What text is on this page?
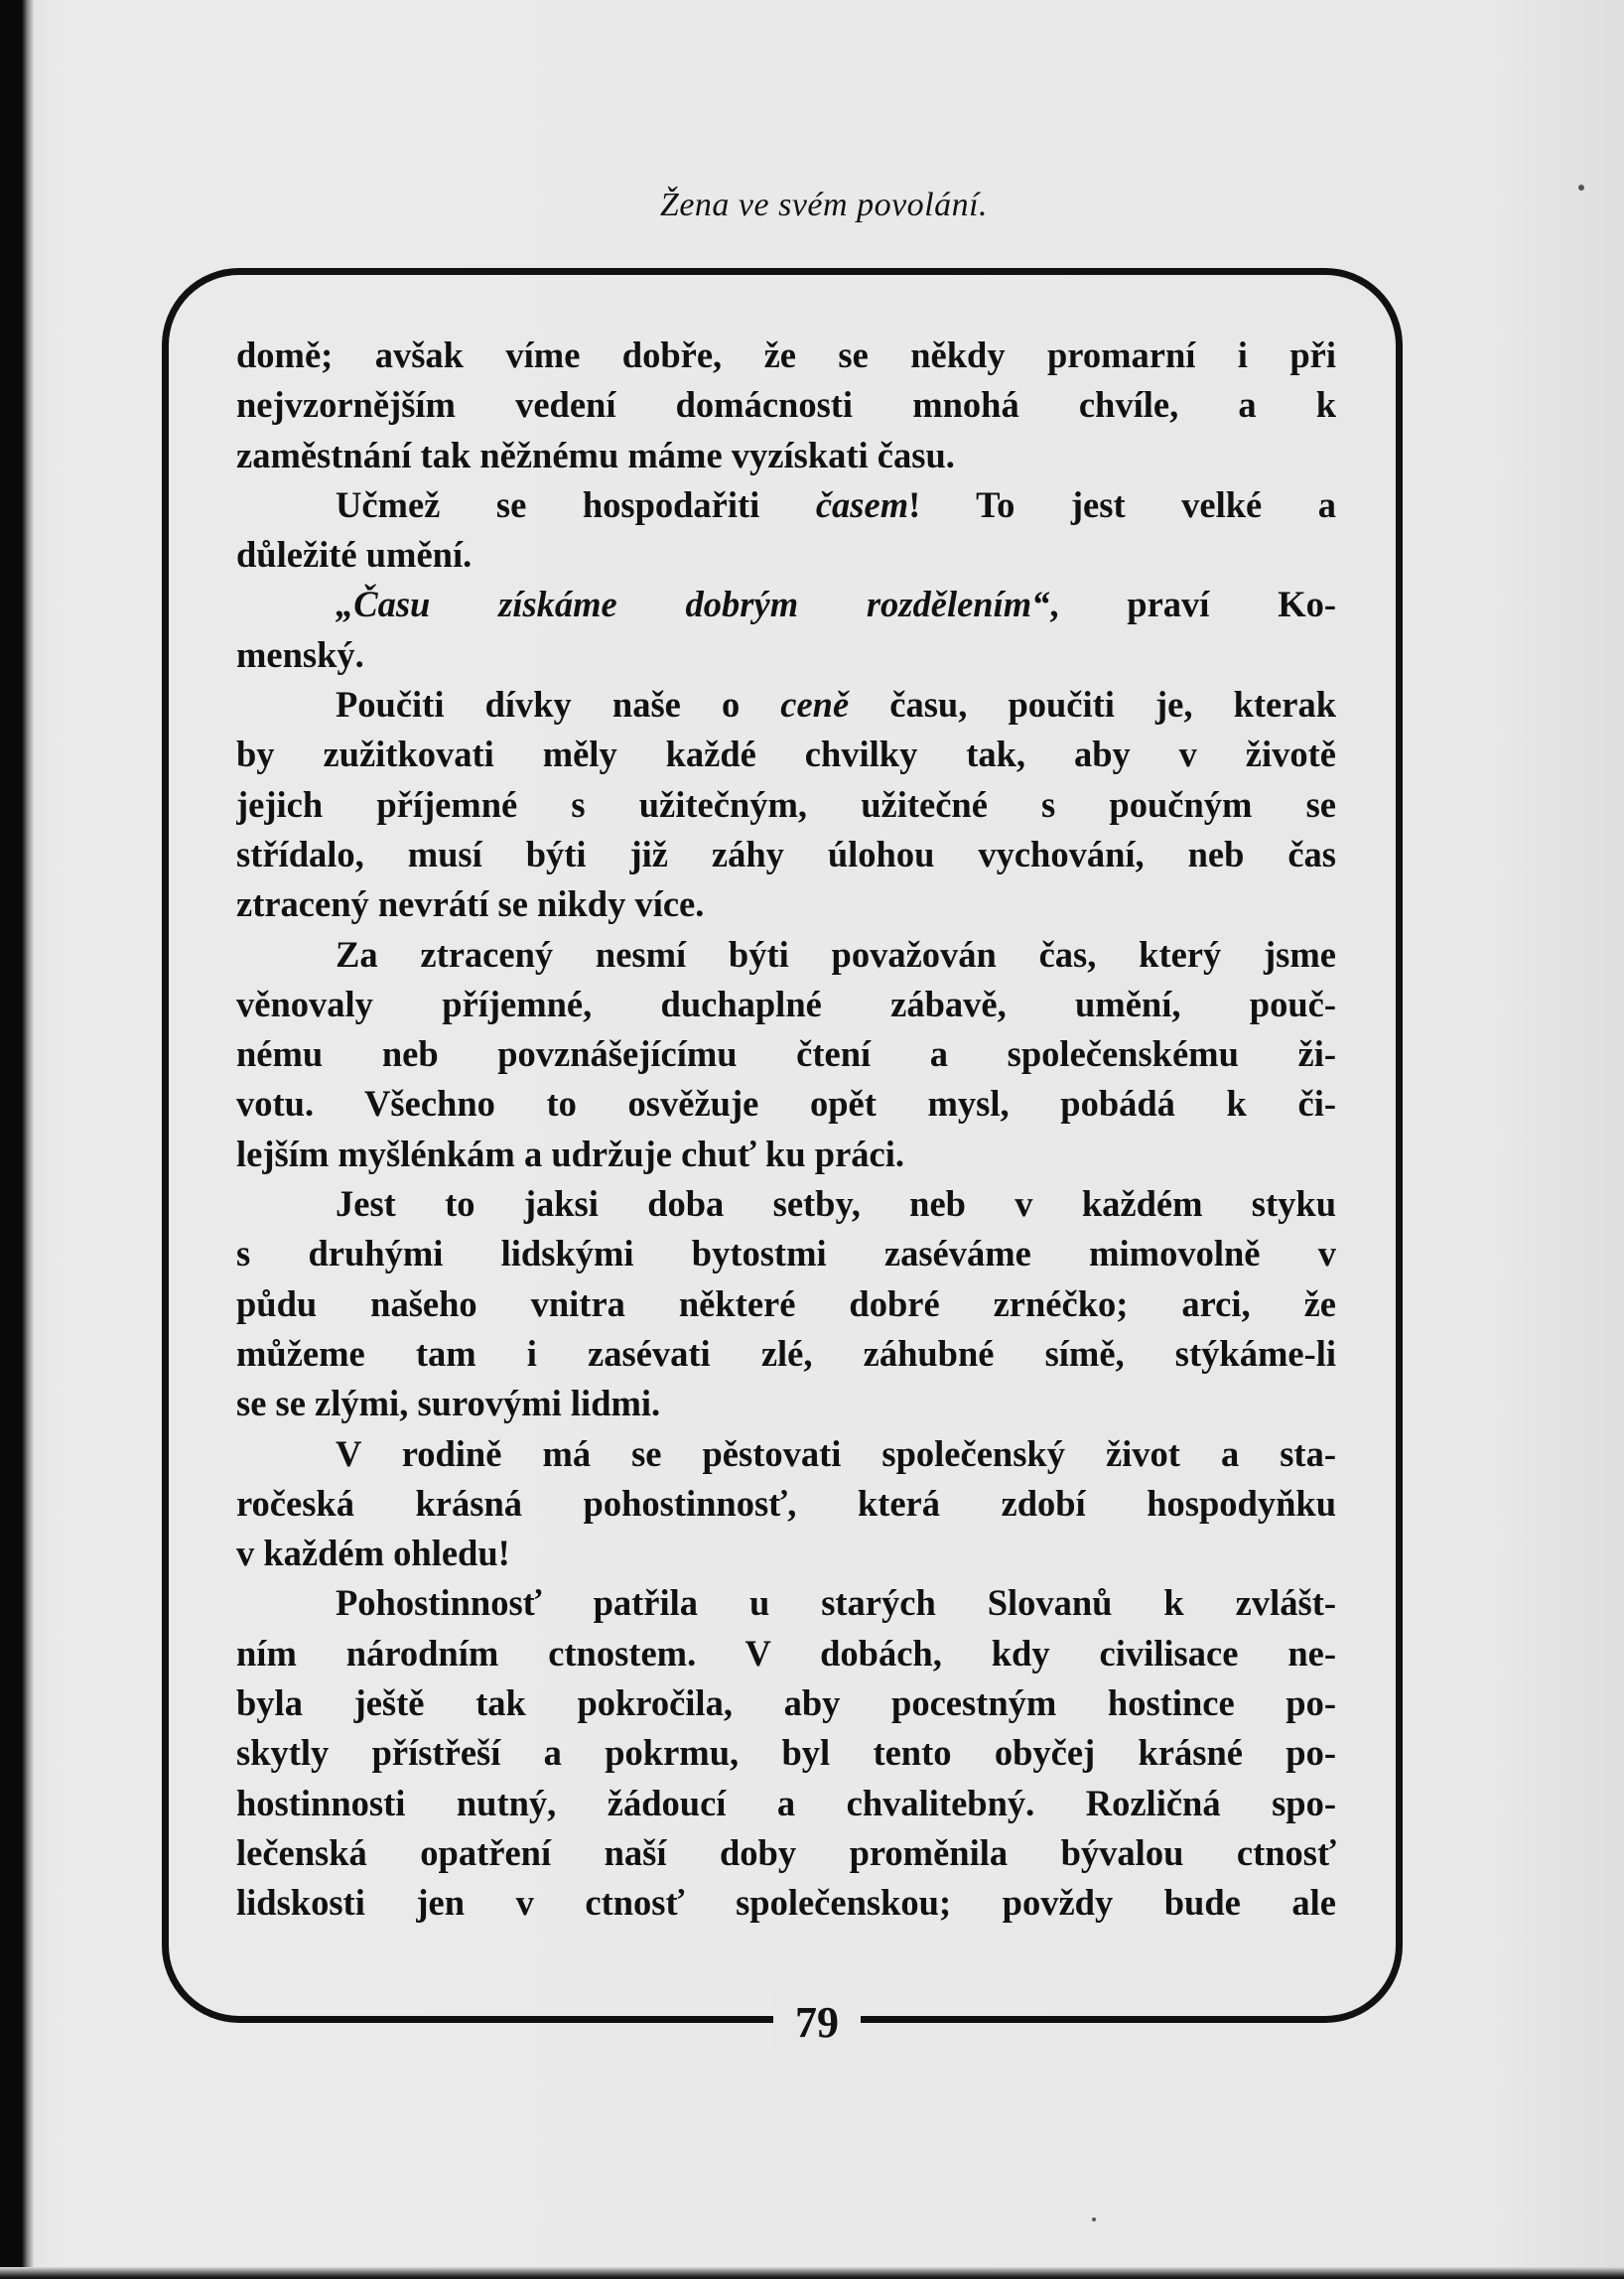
Žena ve svém povolání.
79
domě; avšak víme dobře, že se někdy promarní i při
nejvzornějším vedení domácnosti mnohá chvíle, a k
zaměstnání tak něžnému máme vyzískati času.
Učmež se hospodařiti časem! To jest velké a
důležité umění.
„Času získáme dobrým rozdělením“, praví Ko-
menský.
Poučiti dívky naše o ceně času, poučiti je, kterak
by zužitkovati měly každé chvilky tak, aby v životě
jejich příjemné s užitečným, užitečné s poučným se
střídalo, musí býti již záhy úlohou vychování, neb čas
ztracený nevrátí se nikdy více.
Za ztracený nesmí býti považován čas, který jsme
věnovaly příjemné, duchaplné zábavě, umění, pouč-
nému neb povznášejícímu čtení a společenskému ži-
votu. Všechno to osvěžuje opět mysl, pobádá k či-
lejším myšlénkám a udržuje chuť ku práci.
Jest to jaksi doba setby, neb v každém styku
s druhými lidskými bytostmi zaséváme mimovolně v
půdu našeho vnitra některé dobré zrnéčko; arci, že
můžeme tam i zasévati zlé, záhubné símě, stýkáme-li
se se zlými, surovými lidmi.
V rodině má se pěstovati společenský život a sta-
ročeská krásná pohostinnosť, která zdobí hospodyňku
v každém ohledu!
Pohostinnosť patřila u starých Slovanů k zvlášt-
ním národním ctnostem. V dobách, kdy civilisace ne-
byla ještě tak pokročila, aby pocestným hostince po-
skytly přístřeší a pokrmu, byl tento obyčej krásné po-
hostinnosti nutný, žádoucí a chvalitebný. Rozličná spo-
lečenská opatření naší doby proměnila bývalou ctnosť
lidskosti jen v ctnosť společenskou; povždy bude ale
